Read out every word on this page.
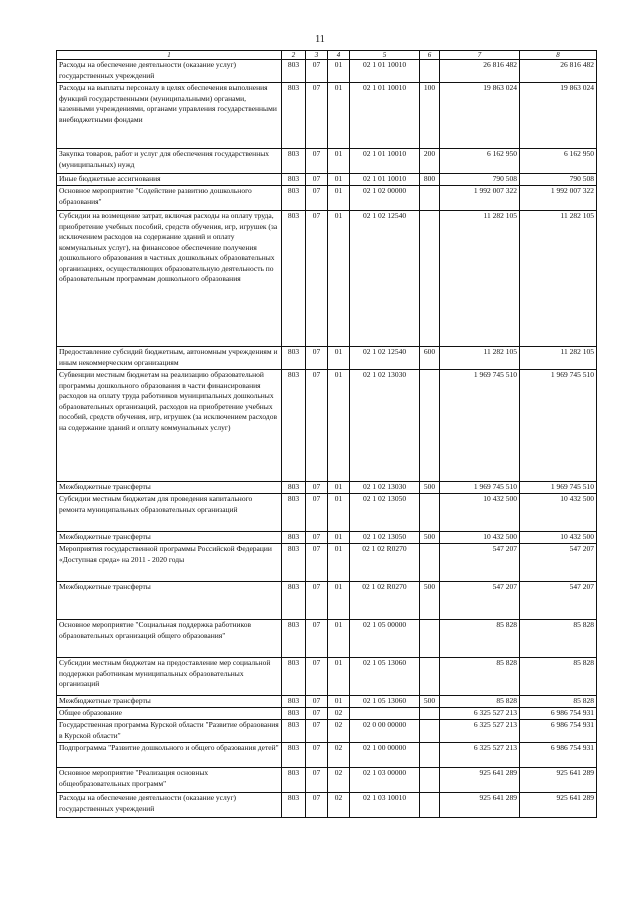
11
1	2	3	4	5	6	7	8
Расходы на обеспечение деятельности (оказание услуг) государственных учреждений	803	07	01	02 1 01 10010		26 816 482	26 816 482
Расходы на выплаты персоналу в целях обеспечения выполнения функций государственными (муниципальными) органами, казенными учреждениями, органами управления государственными внебюджетными фондами	803	07	01	02 1 01 10010	100	19 863 024	19 863 024
Закупка товаров, работ и услуг для обеспечения государственных (муниципальных) нужд	803	07	01	02 1 01 10010	200	6 162 950	6 162 950
Иные бюджетные ассигнования	803	07	01	02 1 01 10010	800	790 508	790 508
Основное мероприятие "Содействие развитию дошкольного образования"	803	07	01	02 1 02 00000		1 992 007 322	1 992 007 322
Субсидии на возмещение затрат, включая расходы на оплату труда, приобретение учебных пособий, средств обучения, игр, игрушек (за исключением расходов на содержание зданий и оплату коммунальных услуг), на финансовое обеспечение получения дошкольного образования в частных дошкольных образовательных организациях, осуществляющих образовательную деятельность по образовательным программам дошкольного образования	803	07	01	02 1 02 12540		11 282 105	11 282 105
Предоставление субсидий бюджетным, автономным учреждениям и иным некоммерческим организациям	803	07	01	02 1 02 12540	600	11 282 105	11 282 105
Субвенции местным бюджетам на реализацию образовательной программы дошкольного образования в части финансирования расходов на оплату труда работников муниципальных дошкольных образовательных организаций, расходов на приобретение учебных пособий, средств обучения, игр, игрушек (за исключением расходов на содержание зданий и оплату коммунальных услуг)	803	07	01	02 1 02 13030		1 969 745 510	1 969 745 510
Межбюджетные трансферты	803	07	01	02 1 02 13030	500	1 969 745 510	1 969 745 510
Субсидии местным бюджетам для проведения капитального ремонта муниципальных образовательных организаций	803	07	01	02 1 02 13050		10 432 500	10 432 500
Межбюджетные трансферты	803	07	01	02 1 02 13050	500	10 432 500	10 432 500
Мероприятия государственной программы Российской Федерации «Доступная среда» на 2011 - 2020 годы	803	07	01	02 1 02 R0270		547 207	547 207
Межбюджетные трансферты	803	07	01	02 1 02 R0270	500	547 207	547 207
Основное мероприятие "Социальная поддержка работников образовательных организаций общего образования"	803	07	01	02 1 05 00000		85 828	85 828
Субсидии местным бюджетам на предоставление мер социальной поддержки работникам муниципальных образовательных организаций	803	07	01	02 1 05 13060		85 828	85 828
Межбюджетные трансферты	803	07	01	02 1 05 13060	500	85 828	85 828
Общее образование	803	07	02			6 325 527 213	6 986 754 931
Государственная программа Курской области "Развитие образования в Курской области"	803	07	02	02 0 00 00000		6 325 527 213	6 986 754 931
Подпрограмма "Развитие дошкольного и общего образования детей"	803	07	02	02 1 00 00000		6 325 527 213	6 986 754 931
Основное мероприятие "Реализация основных общеобразовательных программ"	803	07	02	02 1 03 00000		925 641 289	925 641 289
Расходы на обеспечение деятельности (оказание услуг) государственных учреждений	803	07	02	02 1 03 10010		925 641 289	925 641 289
